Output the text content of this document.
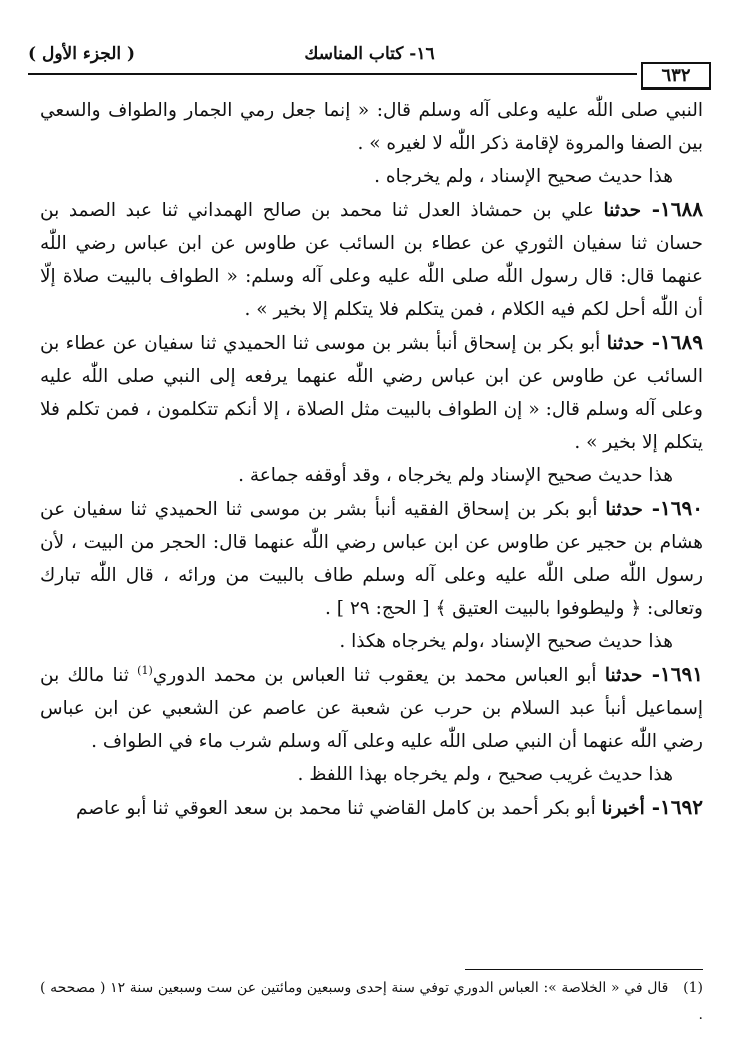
( الجزء الأول )	١٦- كتاب المناسك
٦٣٢

النبي صلى اللّٰه عليه وعلى آله وسلم قال: « إنما جعل رمي الجمار والطواف والسعي بين الصفا والمروة لإقامة ذكر اللّٰه لا لغيره » .

هذا حديث صحيح الإسناد ، ولم يخرجاه .

١٦٨٨- حدثنا علي بن حمشاذ العدل ثنا محمد بن صالح الهمداني ثنا عبد الصمد بن حسان ثنا سفيان الثوري عن عطاء بن السائب عن طاوس عن ابن عباس رضي اللّٰه عنهما قال: قال رسول اللّٰه صلى اللّٰه عليه وعلى آله وسلم: « الطواف بالبيت صلاة إلّا أن اللّٰه أحل لكم فيه الكلام ، فمن يتكلم فلا يتكلم إلا بخير » .

١٦٨٩- حدثنا أبو بكر بن إسحاق أنبأ بشر بن موسى ثنا الحميدي ثنا سفيان عن عطاء بن السائب عن طاوس عن ابن عباس رضي اللّٰه عنهما يرفعه إلى النبي صلى اللّٰه عليه وعلى آله وسلم قال: « إن الطواف بالبيت مثل الصلاة ، إلا أنكم تتكلمون ، فمن تكلم فلا يتكلم إلا بخير » .

هذا حديث صحيح الإسناد ولم يخرجاه ، وقد أوقفه جماعة .

١٦٩٠- حدثنا أبو بكر بن إسحاق الفقيه أنبأ بشر بن موسى ثنا الحميدي ثنا سفيان عن هشام بن حجير عن طاوس عن ابن عباس رضي اللّٰه عنهما قال: الحجر من البيت ، لأن رسول اللّٰه صلى اللّٰه عليه وعلى آله وسلم طاف بالبيت من ورائه ، قال اللّٰه تبارك وتعالى: ﴿ وليطوفوا بالبيت العتيق ﴾ [ الحج: ٢٩ ] .

هذا حديث صحيح الإسناد ،ولم يخرجاه هكذا .

١٦٩١- حدثنا أبو العباس محمد بن يعقوب ثنا العباس بن محمد الدوري$^{(1)}$ ثنا مالك بن إسماعيل أنبأ عبد السلام بن حرب عن شعبة عن عاصم عن الشعبي عن ابن عباس رضي اللّٰه عنهما أن النبي صلى اللّٰه عليه وعلى آله وسلم شرب ماء في الطواف .

هذا حديث غريب صحيح ، ولم يخرجاه بهذا اللفظ .

١٦٩٢- أخبرنا أبو بكر أحمد بن كامل القاضي ثنا محمد بن سعد العوقي ثنا أبو عاصم

(1) قال في « الخلاصة »: العباس الدوري توفي سنة إحدى وسبعين ومائتين عن ست وسبعين سنة ١٢ ( مصححه ) .
